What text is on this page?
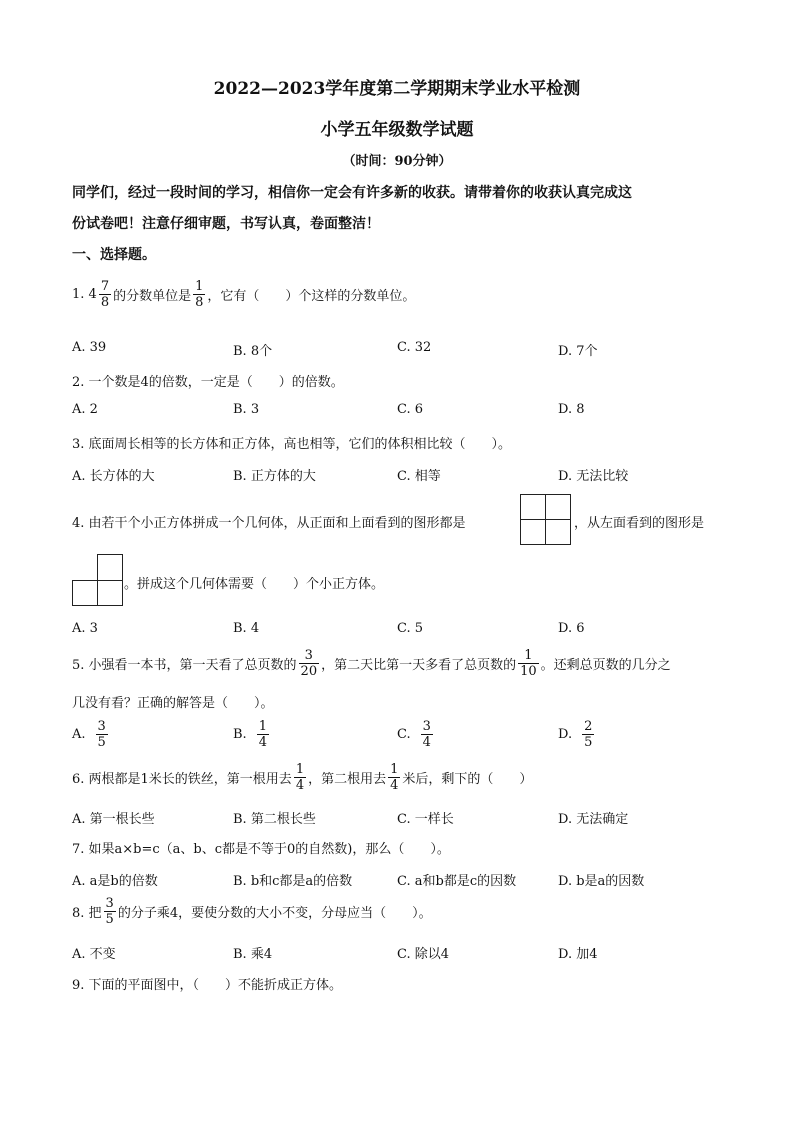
2022—2023学年度第二学期期末学业水平检测
小学五年级数学试题
（时间：90分钟）
同学们，经过一段时间的学习，相信你一定会有许多新的收获。请带着你的收获认真完成这
份试卷吧！注意仔细审题，书写认真，卷面整洁！
一、选择题。
1. $4 \frac{7}{8}$ 的分数单位是 $\frac{1}{8}$ ，它有（　　）个这样的分数单位。
A. 39	B. 8个	C. 32	D. 7个
2. 一个数是4的倍数，一定是（　　）的倍数。
A. 2	B. 3	C. 6	D. 8
3. 底面周长相等的长方体和正方体，高也相等，它们的体积相比较（　　）。
A. 长方体的大	B. 正方体的大	C. 相等	D. 无法比较
4. 由若干个小正方体拼成一个几何体，从正面和上面看到的图形都是	，从左面看到的图形是
。拼成这个几何体需要（　　）个小正方体。
A. 3	B. 4	C. 5	D. 6
5. 小强看一本书，第一天看了总页数的 $\frac{3}{20}$ ，第二天比第一天多看了总页数的 $\frac{1}{10}$ 。还剩总页数的几分之
几没有看？正确的解答是（　　）。
A. $\frac{3}{5}$	B. $\frac{1}{4}$	C. $\frac{3}{4}$	D. $\frac{2}{5}$
6. 两根都是1米长的铁丝，第一根用去 $\frac{1}{4}$ ，第二根用去 $\frac{1}{4}$ 米后，剩下的（　　）
A. 第一根长些	B. 第二根长些	C. 一样长	D. 无法确定
7. 如果a×b=c（a、b、c都是不等于0的自然数)，那么（　　）。
A. a是b的倍数	B. b和c都是a的倍数	C. a和b都是c的因数	D. b是a的因数
8. 把 $\frac{3}{5}$ 的分子乘4，要使分数的大小不变，分母应当（　　）。
A. 不变	B. 乘4	C. 除以4	D. 加4
9. 下面的平面图中，（　　）不能折成正方体。
